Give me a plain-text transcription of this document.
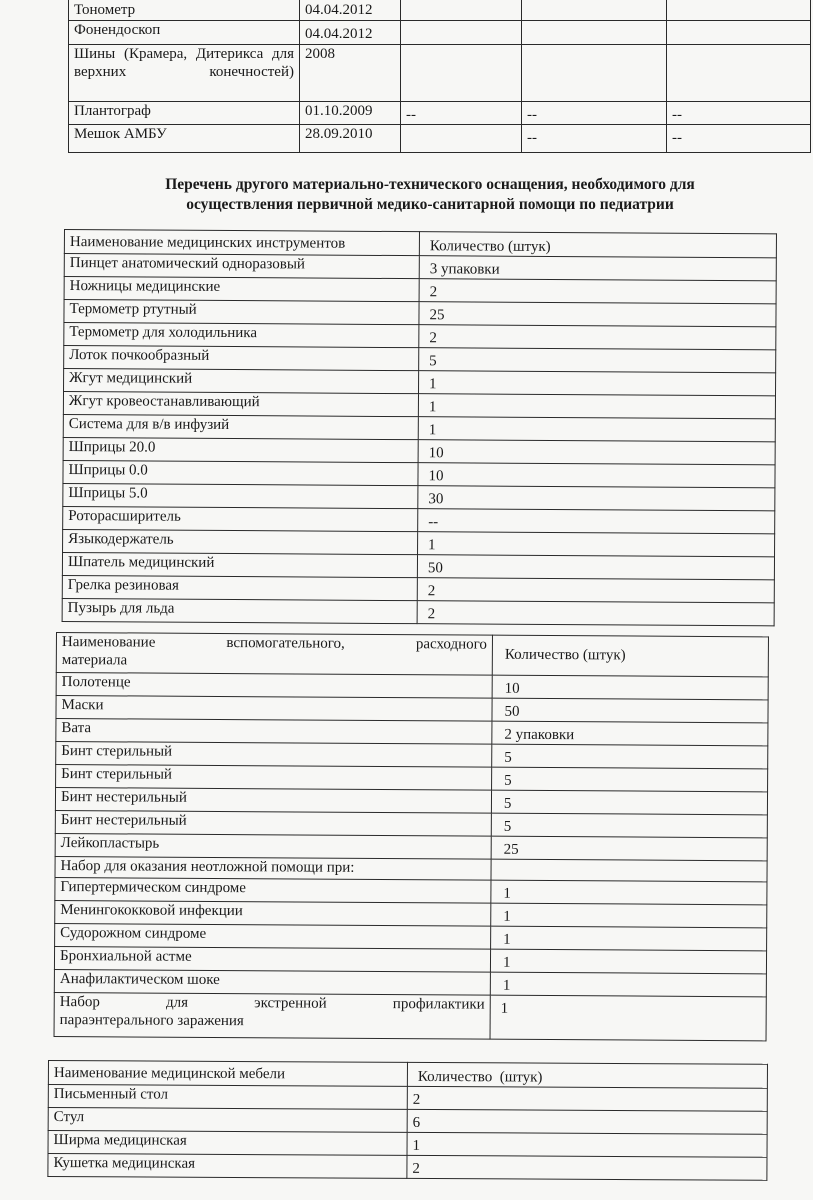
Тонометр	04.04.2012			
Фонендоскоп	04.04.2012			
Шины (Крамера, Дитерикса для верхних конечностей)	2008			
Плантограф	01.10.2009	--	--	--
Мешок АМБУ	28.09.2010		--	--
Перечень другого материально-технического оснащения, необходимого для
осуществления первичной медико-санитарной помощи по педиатрии
Наименование медицинских инструментов	Количество (штук)
Пинцет анатомический одноразовый	3 упаковки
Ножницы медицинские	2
Термометр ртутный	25
Термометр для холодильника	2
Лоток почкообразный	5
Жгут медицинский	1
Жгут кровеостанавливающий	1
Система для в/в инфузий	1
Шприцы 20.0	10
Шприцы 0.0	10
Шприцы 5.0	30
Роторасширитель	--
Языкодержатель	1
Шпатель медицинский	50
Грелка резиновая	2
Пузырь для льда	2
Наименование вспомогательного, расходного
материала	Количество (штук)
Полотенце	10
Маски	50
Вата	2 упаковки
Бинт стерильный	5
Бинт стерильный	5
Бинт нестерильный	5
Бинт нестерильный	5
Лейкопластырь	25
Набор для оказания неотложной помощи при:	
Гипертермическом синдроме	1
Менингококковой инфекции	1
Судорожном синдроме	1
Бронхиальной астме	1
Анафилактическом шоке	1

Набор для экстренной профилактики
параэнтерального заражения	1
Наименование медицинской мебели	Количество  (штук)
Письменный стол	2
Стул	6
Ширма медицинская	1
Кушетка медицинская	2
